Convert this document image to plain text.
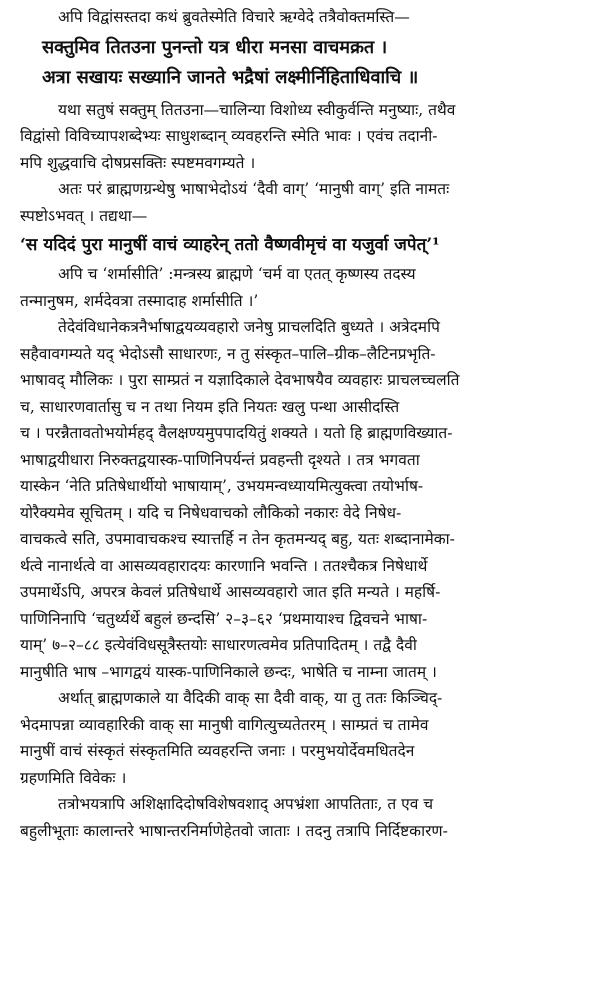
अपि विद्वांसस्तदा कथं ब्रुवतेस्मेति विचारे ऋग्वेदे तत्रैवोक्तमस्ति—
सक्तुमिव तितउना पुनन्तो यत्र धीरा मनसा वाचमक्रत ।
अत्रा सखायः सख्यानि जानते भद्रैषां लक्ष्मीर्निहिताधिवाचि ॥
यथा सतुषं सक्तुम् तितउना—चालिन्या विशोध्य स्वीकुर्वन्ति मनुष्याः, तथैव
विद्वांसो विविच्यापशब्देभ्यः साधुशब्दान् व्यवहरन्ति स्मेति भावः । एवंच तदानी-
मपि शुद्धवाचि दोषप्रसक्तिः स्पष्टमवगम्यते ।
अतः परं ब्राह्मणग्रन्थेषु भाषाभेदोऽयं ‘दैवी वाग्’ ‘मानुषी वाग्’ इति नामतः
स्पष्टोऽभवत् । तद्यथा—
‘स यदिदं पुरा मानुषीं वाचं व्याहरेन् ततो वैष्णवीमृचं वा यजुर्वा जपेत्’¹
अपि च ‘शर्मासीति’ :मन्त्रस्य ब्राह्मणे ‘चर्म वा एतत् कृष्णस्य तदस्य
तन्मानुषम, शर्मदेवत्रा तस्मादाह शर्मासीति ।’
तेदेवंविधानेकत्रनैर्भाषाद्वयव्यवहारो जनेषु प्राचलदिति बुध्यते । अत्रेदमपि
सहैवावगम्यते यद् भेदोऽसौ साधारणः, न तु संस्कृत–पालि–ग्रीक–लैटिनप्रभृति-
भाषावद् मौलिकः । पुरा साम्प्रतं न यज्ञादिकाले देवभाषयैव व्यवहारः प्राचलच्चलति
च, साधारणवार्तासु च न तथा नियम इति नियतः खलु पन्था आसीदस्ति
च । परन्नैतावतोभयोर्महद् वैलक्षण्यमुपपादयितुं शक्यते । यतो हि ब्राह्मणविख्यात-
भाषाद्वयीधारा निरुक्तद्वयास्क-पाणिनिपर्यन्तं प्रवहन्ती दृश्यते । तत्र भगवता
यास्केन ‘नेति प्रतिषेधार्थीयो भाषायाम्’, उभयमन्वध्यायमित्युक्त्वा तयोर्भाष-
योरैक्यमेव सूचितम् । यदि च निषेधवाचको लौकिको नकारः वेदे निषेध-
वाचकत्वे सति, उपमावाचकश्च स्यात्तर्हि न तेन कृतमन्यद् बहु, यतः शब्दानामेका-
र्थत्वे नानार्थत्वे वा आसव्यवहारादयः कारणानि भवन्ति । ततश्चैकत्र निषेधार्थे
उपमार्थेऽपि, अपरत्र केवलं प्रतिषेधार्थे आसव्यवहारो जात इति मन्यते । महर्षि-
पाणिनिनापि ‘चतुर्थ्यर्थे बहुलं छन्दसि’ २–३–६२ ‘प्रथमायाश्च द्विवचने भाषा-
याम्’ ७–२–८८ इत्येवंविधसूत्रैस्तयोः साधारणत्वमेव प्रतिपादितम् । तद्वै दैवी
मानुषीति भाष –भागद्वयं यास्क-पाणिनिकाले छन्दः, भाषेति च नाम्ना जातम् ।
अर्थात् ब्राह्मणकाले या वैदिकी वाक् सा दैवी वाक्, या तु ततः किञ्चिद्-
भेदमापन्ना व्यावहारिकी वाक् सा मानुषी वागित्युच्यतेतरम् । साम्प्रतं च तामेव
मानुषीं वाचं संस्कृतं संस्कृतमिति व्यवहरन्ति जनाः । परमुभयोर्देवमधितदेन
ग्रहणमिति विवेकः ।
तत्रोभयत्रापि अशिक्षादिदोषविशेषवशाद् अपभ्रंशा आपतिताः, त एव च
बहुलीभूताः कालान्तरे भाषान्तरनिर्माणेहेतवो जाताः । तदनु तत्रापि निर्दिष्टकारण-
